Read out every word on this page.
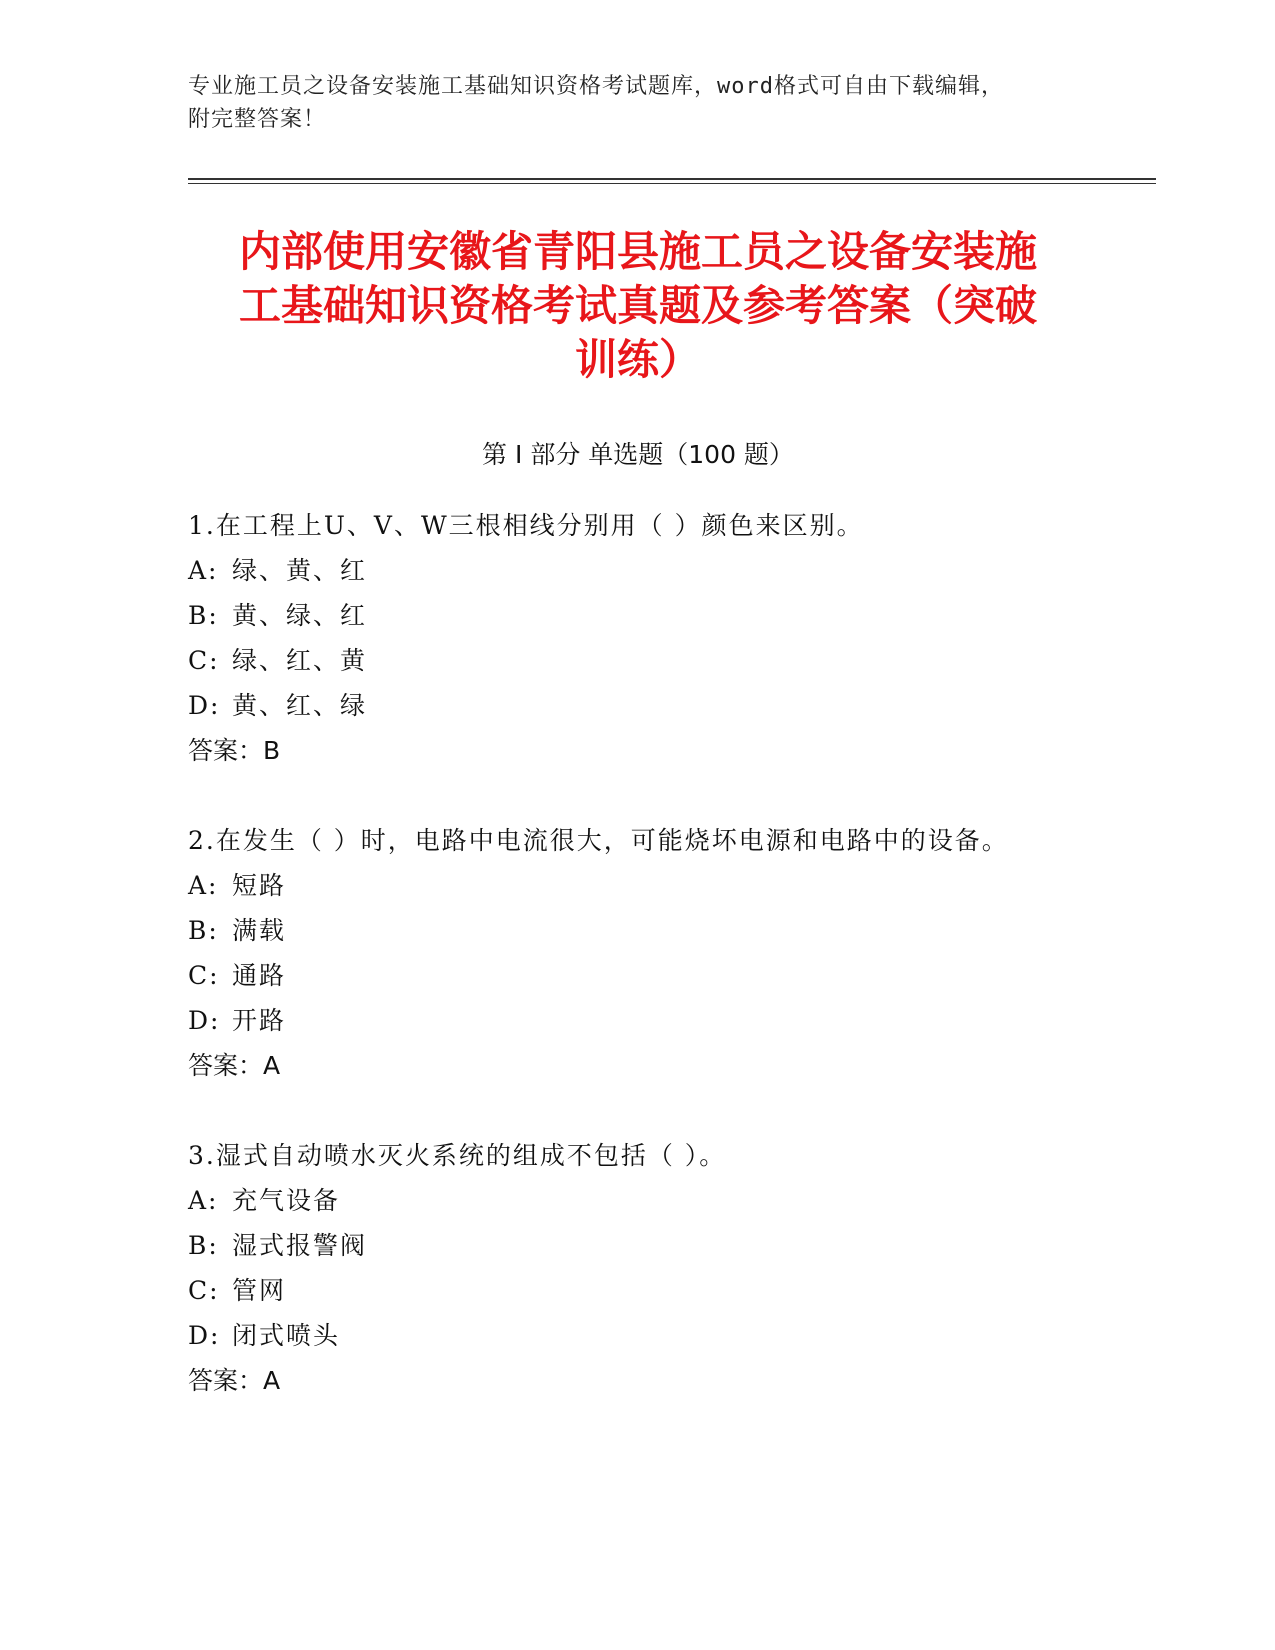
专业施工员之设备安装施工基础知识资格考试题库，word格式可自由下载编辑，
附完整答案！
内部使用安徽省青阳县施工员之设备安装施
工基础知识资格考试真题及参考答案（突破
训练）
第 I 部分 单选题（100 题）
1.在工程上U、V、W三根相线分别用（ ）颜色来区别。
A: 绿、黄、红
B: 黄、绿、红
C: 绿、红、黄
D: 黄、红、绿
答案：B
2.在发生（ ）时，电路中电流很大，可能烧坏电源和电路中的设备。
A: 短路
B: 满载
C: 通路
D: 开路
答案：A
3.湿式自动喷水灭火系统的组成不包括（ ）。
A: 充气设备
B: 湿式报警阀
C: 管网
D: 闭式喷头
答案：A
